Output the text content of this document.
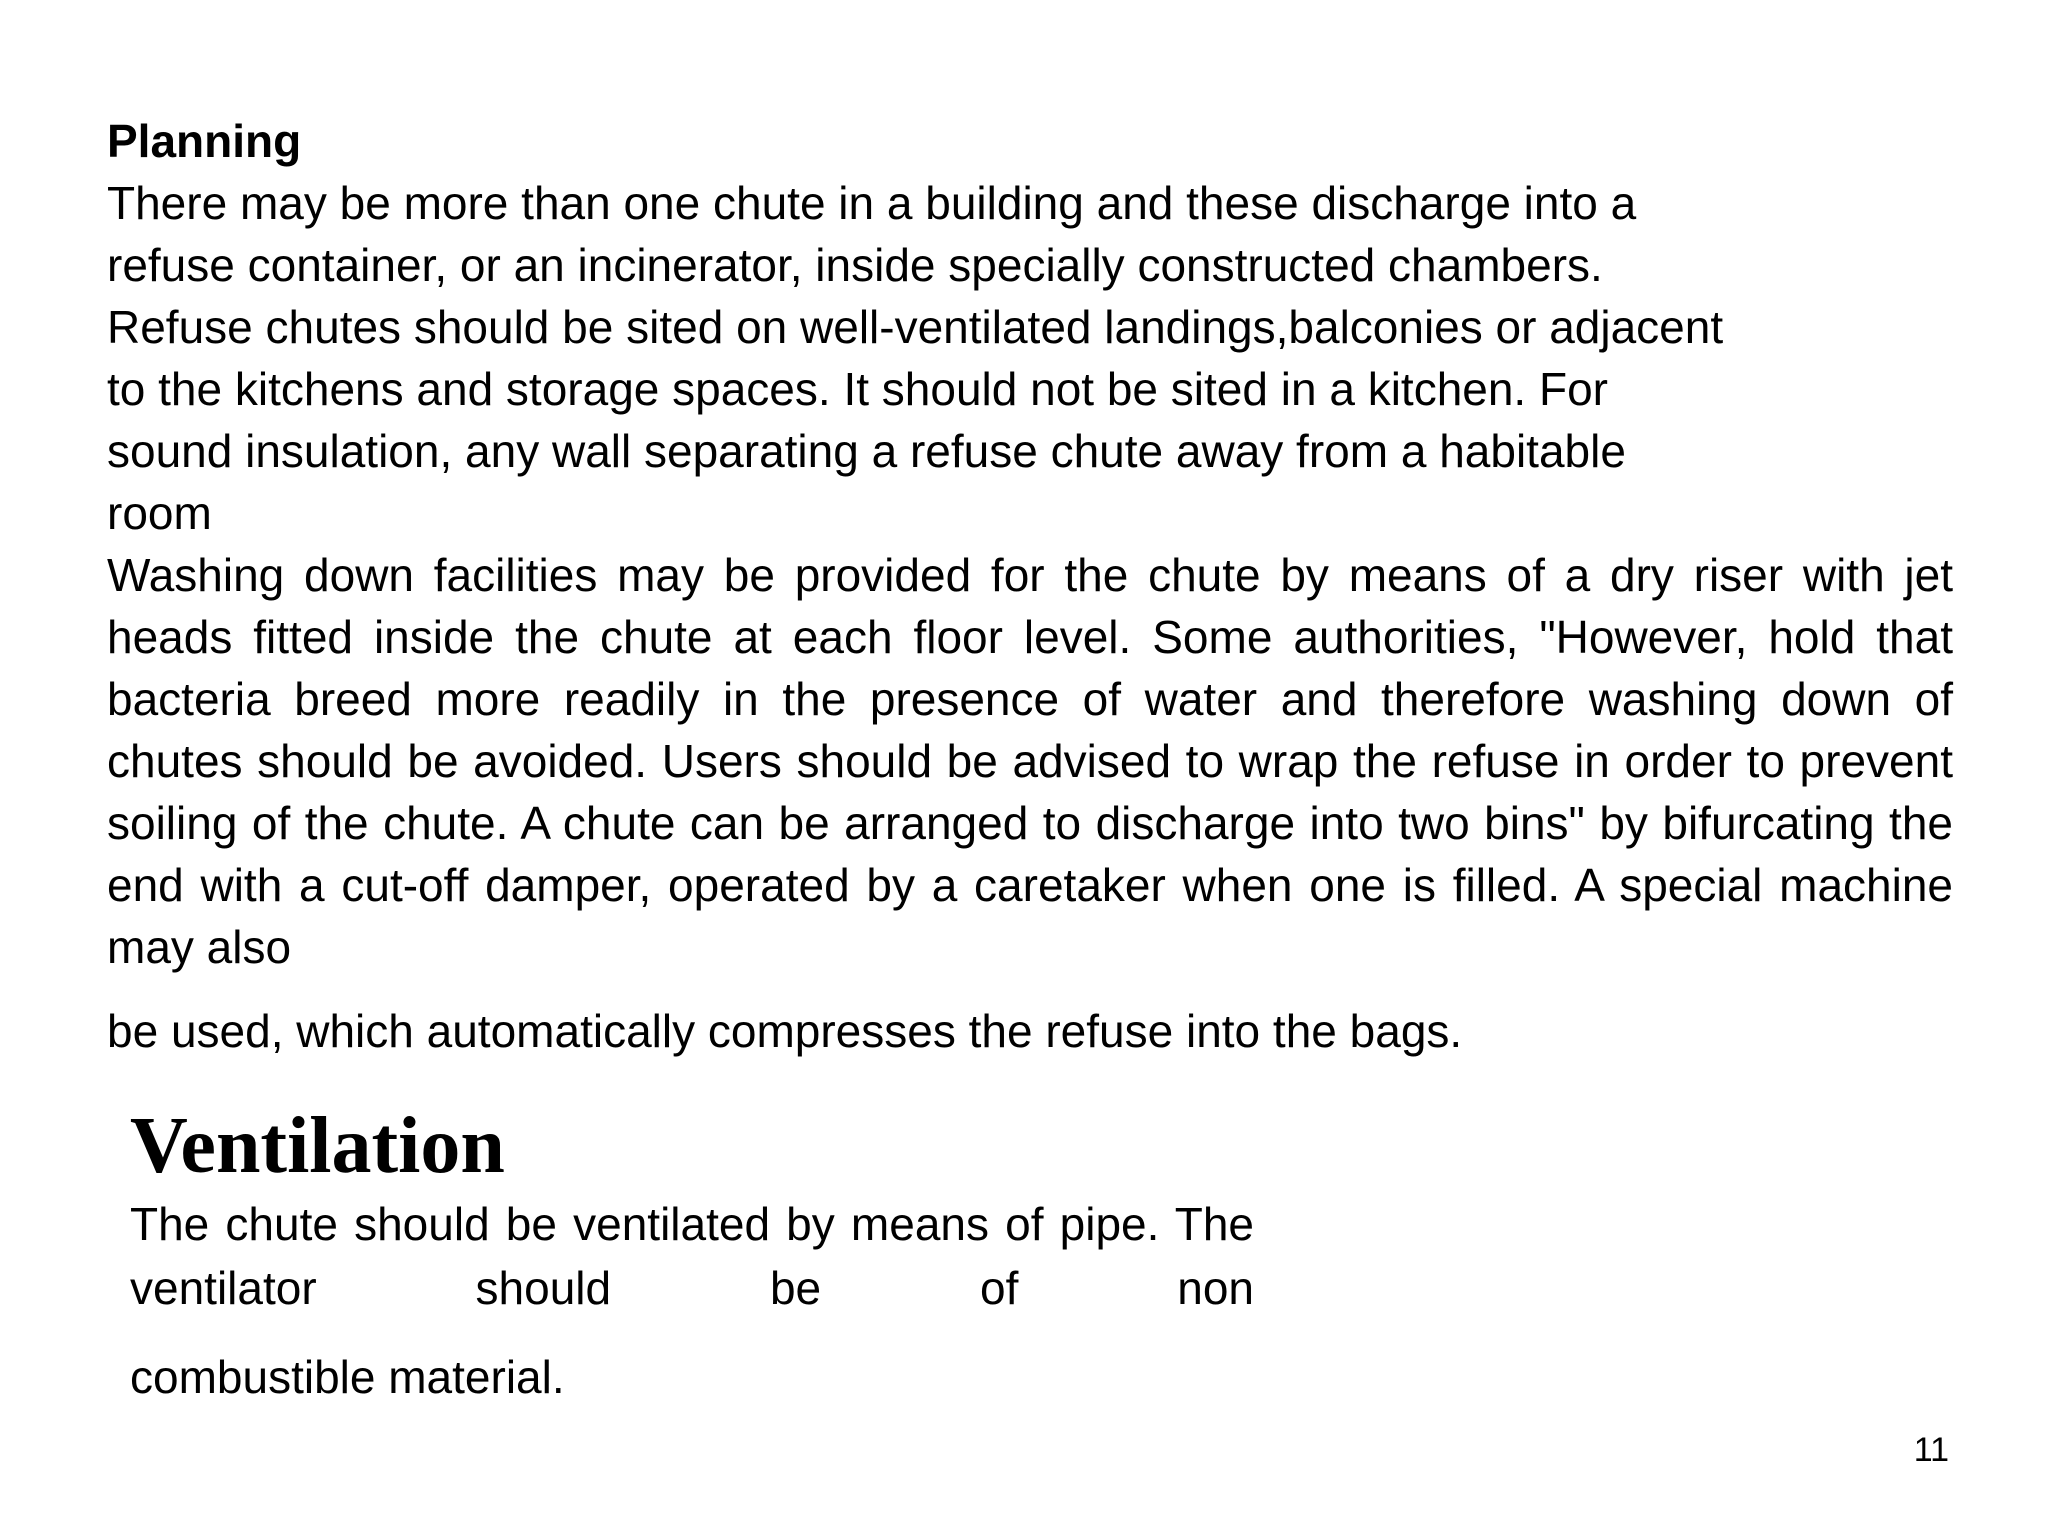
Planning

There may be more than one chute in a building and these discharge into a
refuse container, or an incinerator, inside specially constructed chambers.
Refuse chutes should be sited on well-ventilated landings,balconies or adjacent
to the kitchens and storage spaces. It should not be sited in a kitchen. For
sound insulation, any wall separating a refuse chute away from a habitable
room

Washing down facilities may be provided for the chute by means of a dry riser with jet heads fitted inside the chute at each floor level. Some authorities, "However, hold that bacteria breed more readily in the presence of water and therefore washing down of chutes should be avoided. Users should be advised to wrap the refuse in order to prevent soiling of the chute. A chute can be arranged to discharge into two bins" by bifurcating the end with a cut-off damper, operated by a caretaker when one is filled. A special machine may also

be used, which automatically compresses the refuse into the bags.

Ventilation

The chute should be ventilated by means of pipe. The ventilator should be of non

combustible material.
11
